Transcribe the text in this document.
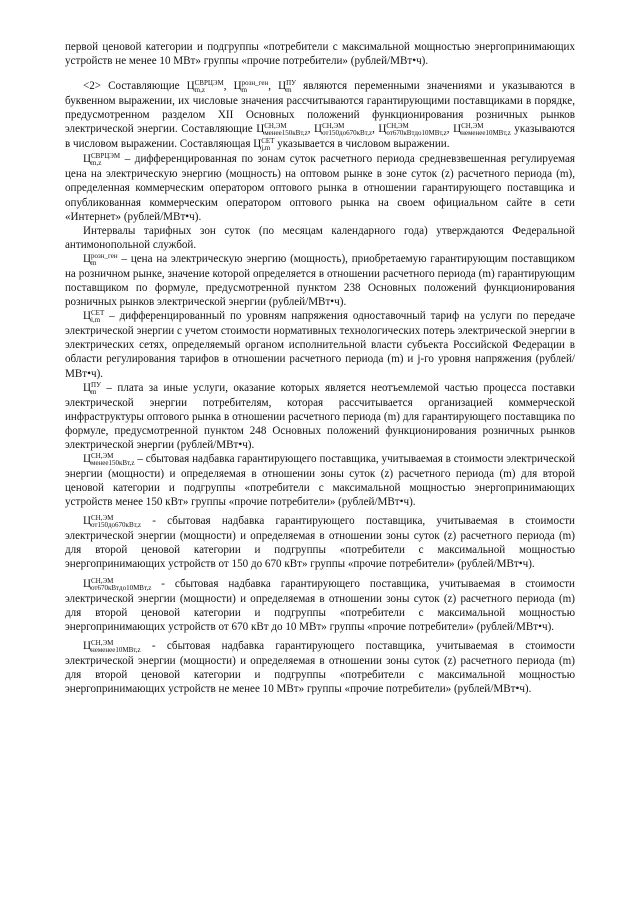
первой ценовой категории и подгруппы «потребители с максимальной мощностью энергопринимающих устройств не менее 10 МВт» группы «прочие потребители» (рублей/МВт•ч).

<2> Составляющие Ц СВРЦЭМ
m,z	, Ц розн_ген
m	, Ц ПУ
m являются переменными значениями и указываются в буквенном выражении, их числовые значения рассчитываются гарантирующими поставщиками в порядке, предусмотренном разделом XII Основных положений функционирования розничных рынков электрической энергии. Составляющие Ц СН,ЭМ
менее150кВт,z , Ц СН,ЭМ
от150до670кВт,z , Ц СН,ЭМ
от670кВтдо10МВт,z , Ц СН,ЭМ
неменее10МВт,z указываются в числовом выражении. Составляющая Ц СЕТ
j,m указывается в числовом выражении.

Ц СВРЦЭМ
m,z	– дифференцированная по зонам суток расчетного периода средневзвешенная регулируемая цена на электрическую энергию (мощность) на оптовом рынке в зоне суток (z) расчетного периода (m), определенная коммерческим оператором оптового рынка в отношении гарантирующего поставщика и опубликованная коммерческим оператором оптового рынка на своем официальном сайте в сети «Интернет» (рублей/МВт•ч).

Интервалы тарифных зон суток (по месяцам календарного года) утверждаются Федеральной антимонопольной службой.

Ц розн_ген
m	– цена на электрическую энергию (мощность), приобретаемую гарантирующим поставщиком на розничном рынке, значение которой определяется в отношении расчетного периода (m) гарантирующим поставщиком по формуле, предусмотренной пунктом 238 Основных положений функционирования розничных рынков электрической энергии (рублей/МВт•ч).

Ц СЕТ
i,m – дифференцированный по уровням напряжения одноставочный тариф на услуги по передаче электрической энергии с учетом стоимости нормативных технологических потерь электрической энергии в электрических сетях, определяемый органом исполнительной власти субъекта Российской Федерации в области регулирования тарифов в отношении расчетного периода (m) и j-го уровня напряжения (рублей/МВт•ч).

Ц ПУ
m – плата за иные услуги, оказание которых является неотъемлемой частью процесса поставки электрической энергии потребителям, которая рассчитывается организацией коммерческой инфраструктуры оптового рынка в отношении расчетного периода (m) для гарантирующего поставщика по формуле, предусмотренной пунктом 248 Основных положений функционирования розничных рынков электрической энергии (рублей/МВт•ч).

Ц СН,ЭМ
менее150кВт,z – сбытовая надбавка гарантирующего поставщика, учитываемая в стоимости электрической энергии (мощности) и определяемая в отношении зоны суток (z) расчетного периода (m) для второй ценовой категории и подгруппы «потребители с максимальной мощностью энергопринимающих устройств менее 150 кВт» группы «прочие потребители» (рублей/МВт•ч).

Ц СН,ЭМ
от150до670кВт,z - сбытовая надбавка гарантирующего поставщика, учитываемая в стоимости электрической энергии (мощности) и определяемая в отношении зоны суток (z) расчетного периода (m) для второй ценовой категории и подгруппы «потребители с максимальной мощностью энергопринимающих устройств от 150 до 670 кВт» группы «прочие потребители» (рублей/МВт•ч).

Ц СН,ЭМ
от670кВтдо10МВт,z - сбытовая надбавка гарантирующего поставщика, учитываемая в стоимости электрической энергии (мощности) и определяемая в отношении зоны суток (z) расчетного периода (m) для второй ценовой категории и подгруппы «потребители с максимальной мощностью энергопринимающих устройств от 670 кВт до 10 МВт» группы «прочие потребители» (рублей/МВт•ч).

Ц СН,ЭМ
неменее10МВт,z - сбытовая надбавка гарантирующего поставщика, учитываемая в стоимости электрической энергии (мощности) и определяемая в отношении зоны суток (z) расчетного периода (m) для второй ценовой категории и подгруппы «потребители с максимальной мощностью энергопринимающих устройств не менее 10 МВт» группы «прочие потребители» (рублей/МВт•ч).
